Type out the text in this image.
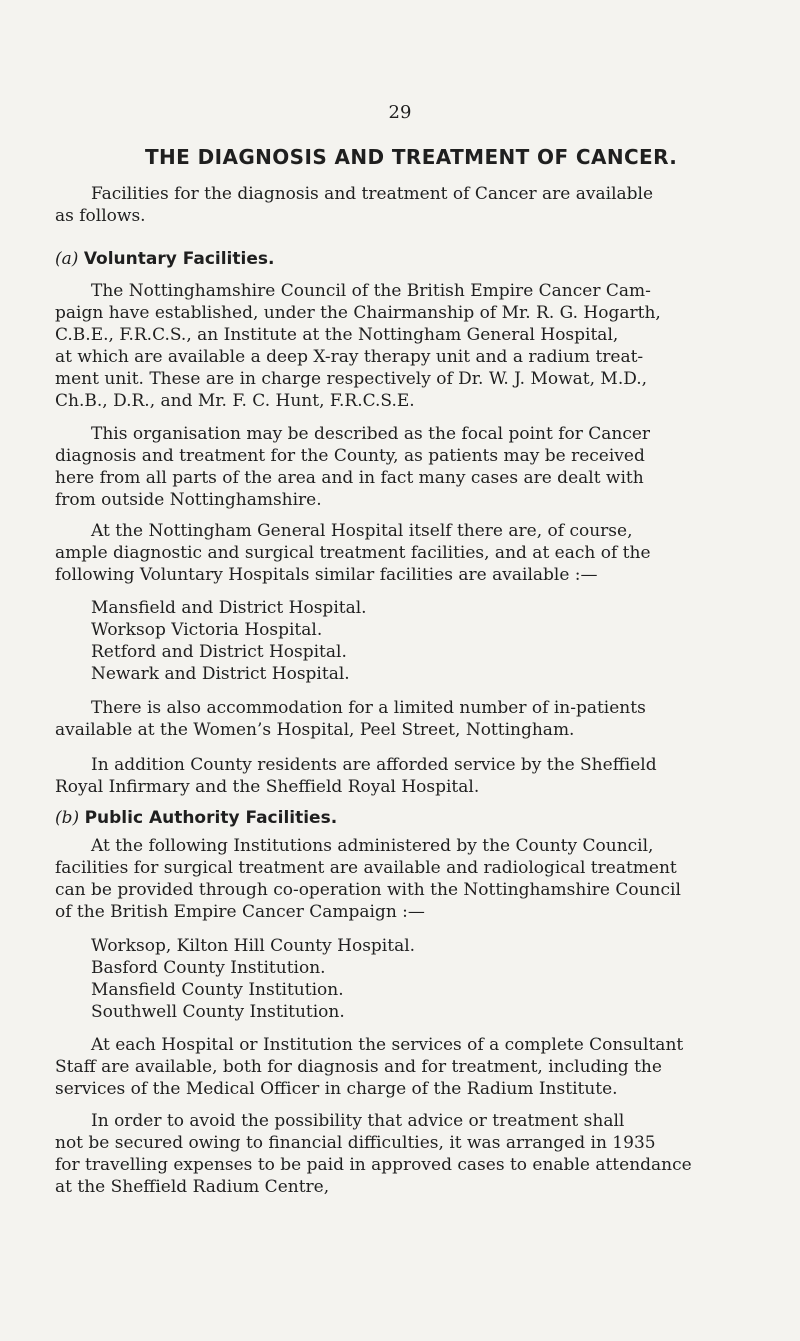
29
THE DIAGNOSIS AND TREATMENT OF CANCER.

Facilities for the diagnosis and treatment of Cancer are available
as follows.

(a) Voluntary Facilities.

The Nottinghamshire Council of the British Empire Cancer Cam-
paign have established, under the Chairmanship of Mr. R. G. Hogarth,
C.B.E., F.R.C.S., an Institute at the Nottingham General Hospital,
at which are available a deep X-ray therapy unit and a radium treat-
ment unit. These are in charge respectively of Dr. W. J. Mowat, M.D.,
Ch.B., D.R., and Mr. F. C. Hunt, F.R.C.S.E.

This organisation may be described as the focal point for Cancer
diagnosis and treatment for the County, as patients may be received
here from all parts of the area and in fact many cases are dealt with
from outside Nottinghamshire.

At the Nottingham General Hospital itself there are, of course,
ample diagnostic and surgical treatment facilities, and at each of the
following Voluntary Hospitals similar facilities are available :—

Mansfield and District Hospital.
Worksop Victoria Hospital.
Retford and District Hospital.
Newark and District Hospital.

There is also accommodation for a limited number of in-patients
available at the Women’s Hospital, Peel Street, Nottingham.

In addition County residents are afforded service by the Sheffield
Royal Infirmary and the Sheffield Royal Hospital.

(b) Public Authority Facilities.

At the following Institutions administered by the County Council,
facilities for surgical treatment are available and radiological treatment
can be provided through co-operation with the Nottinghamshire Council
of the British Empire Cancer Campaign :—

Worksop, Kilton Hill County Hospital.
Basford County Institution.
Mansfield County Institution.
Southwell County Institution.

At each Hospital or Institution the services of a complete Consultant
Staff are available, both for diagnosis and for treatment, including the
services of the Medical Officer in charge of the Radium Institute.

In order to avoid the possibility that advice or treatment shall
not be secured owing to financial difficulties, it was arranged in 1935
for travelling expenses to be paid in approved cases to enable attendance
at the Sheffield Radium Centre,
